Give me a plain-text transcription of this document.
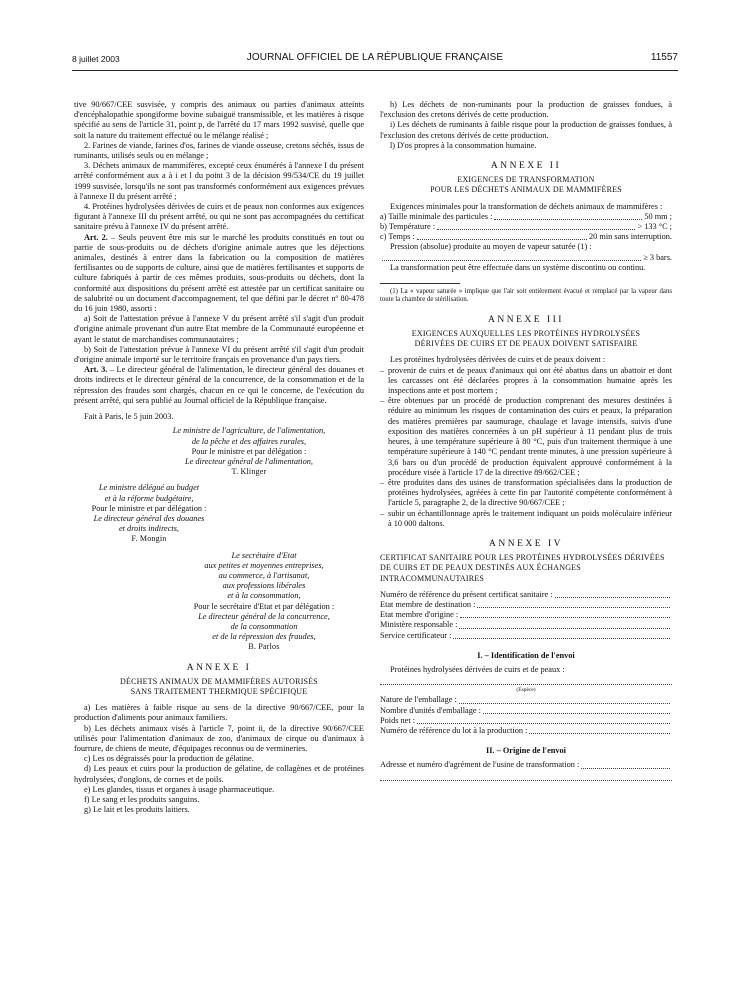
8 juillet 2003	JOURNAL OFFICIEL DE LA RÉPUBLIQUE FRANÇAISE	11557

tive 90/667/CEE susvisée, y compris des animaux ou parties d'animaux atteints d'encéphalopathie spongiforme bovine subaiguë transmissible, et les matières à risque spécifié au sens de l'article 31, point p, de l'arrêté du 17 mars 1992 susvisé, quelle que soit la nature du traitement effectué ou le mélange réalisé ;

2. Farines de viande, farines d'os, farines de viande osseuse, cretons séchés, issus de ruminants, utilisés seuls ou en mélange ;

3. Déchets animaux de mammifères, excepté ceux énumérés à l'annexe I du présent arrêté conformément aux a à i et l du point 3 de la décision 99/534/CE du 19 juillet 1999 susvisée, lorsqu'ils ne sont pas transformés conformément aux exigences prévues à l'annexe II du présent arrêté ;

4. Protéines hydrolysées dérivées de cuirs et de peaux non conformes aux exigences figurant à l'annexe III du présent arrêté, ou qui ne sont pas accompagnées du certificat sanitaire prévu à l'annexe IV du présent arrêté.

Art. 2. – Seuls peuvent être mis sur le marché les produits constitués en tout ou partie de sous-produits ou de déchets d'origine animale autres que les déjections animales, destinés à entrer dans la fabrication ou la composition de matières fertilisantes ou de supports de culture, ainsi que de matières fertilisantes et supports de culture fabriqués à partir de ces mêmes produits, sous-produits ou déchets, dont la conformité aux dispositions du présent arrêté est attestée par un certificat sanitaire ou de salubrité ou un document d'accompagnement, tel que défini par le décret nº 80-478 du 16 juin 1980, assorti :

a) Soit de l'attestation prévue à l'annexe V du présent arrêté s'il s'agit d'un produit d'origine animale provenant d'un autre Etat membre de la Communauté européenne et ayant le statut de marchandises communautaires ;

b) Soit de l'attestation prévue à l'annexe VI du présent arrêté s'il s'agit d'un produit d'origine animale importé sur le territoire français en provenance d'un pays tiers.

Art. 3. – Le directeur général de l'alimentation, le directeur général des douanes et droits indirects et le directeur général de la concurrence, de la consommation et de la répression des fraudes sont chargés, chacun en ce qui le concerne, de l'exécution du présent arrêté, qui sera publié au Journal officiel de la République française.

Fait à Paris, le 5 juin 2003.

Le ministre de l'agriculture, de l'alimentation,

de la pêche et des affaires rurales,

Pour le ministre et par délégation :

Le directeur général de l'alimentation,

T. Klinger

Le ministre délégué au budget

et à la réforme budgétaire,

Pour le ministre et par délégation :

Le directeur général des douanes

et droits indirects,

F. Mongin

Le secrétaire d'Etat

aux petites et moyennes entreprises,

au commerce, à l'artisanat,

aux professions libérales

et à la consommation,

Pour le secrétaire d'Etat et par délégation :

Le directeur général de la concurrence,

de la consommation

et de la répression des fraudes,

B. Parlos

ANNEXE I

DÉCHETS ANIMAUX DE MAMMIFÈRES AUTORISÉS

SANS TRAITEMENT THERMIQUE SPÉCIFIQUE

a) Les matières à faible risque au sens de la directive 90/667/CEE, pour la production d'aliments pour animaux familiers.

b) Les déchets animaux visés à l'article 7, point ii, de la directive 90/667/CEE utilisés pour l'alimentation d'animaux de zoo, d'animaux de cirque ou d'animaux à fourrure, de chiens de meute, d'équipages reconnus ou de vermineries.

c) Les os dégraissés pour la production de gélatine.

d) Les peaux et cuirs pour la production de gélatine, de collagènes et de protéines hydrolysées, d'onglons, de cornes et de poils.

e) Les glandes, tissus et organes à usage pharmaceutique.

f) Le sang et les produits sanguins.

g) Le lait et les produits laitiers.

h) Les déchets de non-ruminants pour la production de graisses fondues, à l'exclusion des cretons dérivés de cette production.

i) Les déchets de ruminants à faible risque pour la production de graisses fondues, à l'exclusion des cretons dérivés de cette production.

l) D'os propres à la consommation humaine.

ANNEXE II

EXIGENCES DE TRANSFORMATION

POUR LES DÉCHETS ANIMAUX DE MAMMIFÈRES

Exigences minimales pour la transformation de déchets animaux de mammifères :

a) Taille minimale des particules :	50 mm ;
b) Température :	> 133 °C ;
c) Temps :	20 min sans interruption.

Pression (absolue) produite au moyen de vapeur saturée (1) :

≥ 3 bars.

La transformation peut être effectuée dans un système discontinu ou continu.

(1) La « vapeur saturée » implique que l'air soit entièrement évacué et remplacé par la vapeur dans toute la chambre de stérilisation.

ANNEXE III

EXIGENCES AUXQUELLES LES PROTÉINES HYDROLYSÉES

DÉRIVÉES DE CUIRS ET DE PEAUX DOIVENT SATISFAIRE

Les protéines hydrolysées dérivées de cuirs et de peaux doivent :

– provenir de cuirs et de peaux d'animaux qui ont été abattus dans un abattoir et dont les carcasses ont été déclarées propres à la consommation humaine après les inspections ante et post mortem ;
– être obtenues par un procédé de production comprenant des mesures destinées à réduire au minimum les risques de contamination des cuirs et peaux, la préparation des matières premières par saumurage, chaulage et lavage intensifs, suivis d'une exposition des matières concernées à un pH supérieur à 11 pendant plus de trois heures, à une température supérieure à 80 °C, puis d'un traitement thermique à une température supérieure à 140 °C pendant trente minutes, à une pression supérieure à 3,6 bars ou d'un procédé de production équivalent approuvé conformément à la procédure visée à l'article 17 de la directive 89/662/CEE ;
– être produites dans des usines de transformation spécialisées dans la production de protéines hydrolysées, agréées à cette fin par l'autorité compétente conformément à l'article 5, paragraphe 2, de la directive 90/667/CEE ;
– subir un échantillonnage après le traitement indiquant un poids moléculaire inférieur à 10 000 daltons.

ANNEXE IV

CERTIFICAT SANITAIRE POUR LES PROTÉINES HYDROLYSÉES DÉRIVÉES DE CUIRS ET DE PEAUX DESTINÉS AUX ÉCHANGES INTRACOMMUNAUTAIRES

Numéro de référence du présent certificat sanitaire :
Etat membre de destination :
Etat membre d'origine :
Ministère responsable :
Service certificateur :

I. – Identification de l'envoi

Protéines hydrolysées dérivées de cuirs et de peaux :

(Espèce)

Nature de l'emballage :
Nombre d'unités d'emballage :
Poids net :
Numéro de référence du lot à la production :

II. – Origine de l'envoi

Adresse et numéro d'agrément de l'usine de transformation :
